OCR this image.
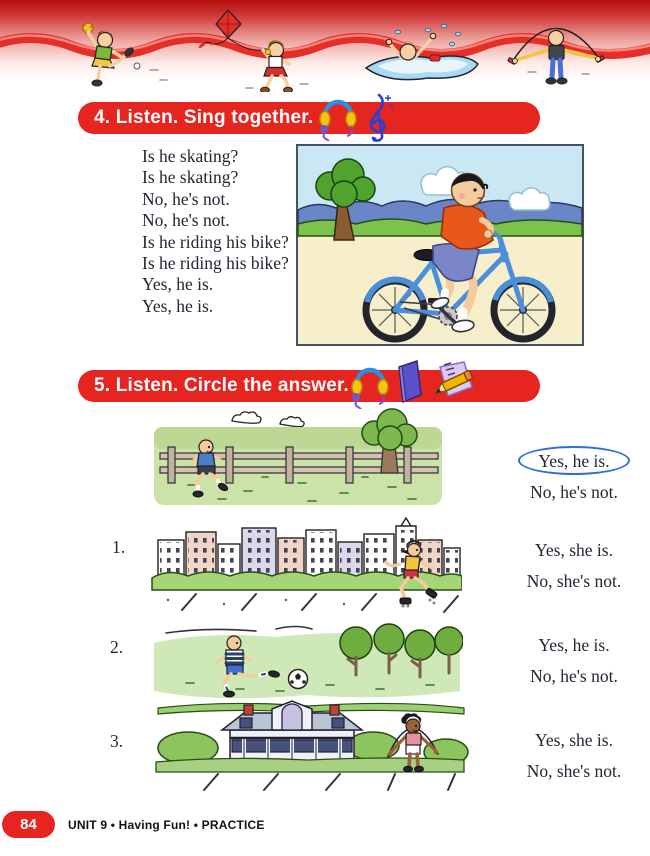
4. Listen. Sing together.
Is he skating?
Is he skating?
No, he's not.
No, he's not.
Is he riding his bike?
Is he riding his bike?
Yes, he is.
Yes, he is.
5. Listen. Circle the answer.
Yes, he is.
No, he's not.
1.	Yes, she is.
No, she's not.
2.	Yes, he is.
No, he's not.
3.	Yes, she is.
No, she's not.
84	UNIT 9 • Having Fun! • PRACTICE
